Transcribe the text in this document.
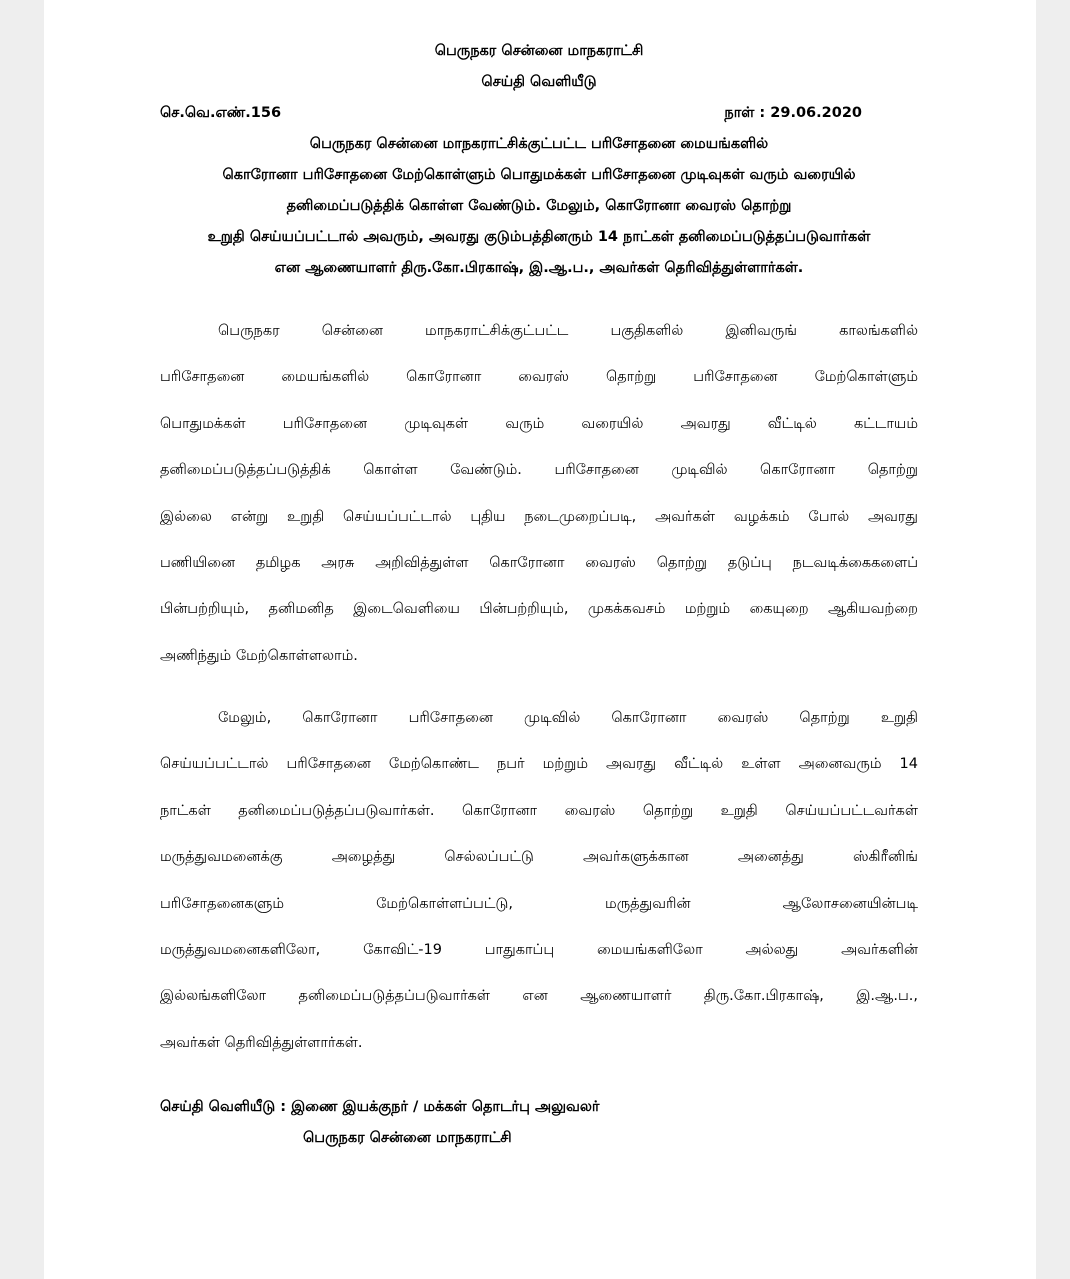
பெருநகர சென்னை மாநகராட்சி
செய்தி வெளியீடு
செ.வெ.எண்.156	நாள் : 29.06.2020
பெருநகர சென்னை மாநகராட்சிக்குட்பட்ட பரிசோதனை மையங்களில்
கொரோனா பரிசோதனை மேற்கொள்ளும் பொதுமக்கள் பரிசோதனை முடிவுகள் வரும் வரையில்
தனிமைப்படுத்திக் கொள்ள வேண்டும். மேலும், கொரோனா வைரஸ் தொற்று
உறுதி செய்யப்பட்டால் அவரும், அவரது குடும்பத்தினரும் 14 நாட்கள் தனிமைப்படுத்தப்படுவார்கள்
என ஆணையாளர் திரு.கோ.பிரகாஷ், இ.ஆ.ப., அவர்கள் தெரிவித்துள்ளார்கள்.
பெருநகர சென்னை மாநகராட்சிக்குட்பட்ட பகுதிகளில் இனிவருங் காலங்களில்
பரிசோதனை மையங்களில் கொரோனா வைரஸ் தொற்று பரிசோதனை மேற்கொள்ளும்
பொதுமக்கள் பரிசோதனை முடிவுகள் வரும் வரையில் அவரது வீட்டில் கட்டாயம்
தனிமைப்படுத்தப்படுத்திக் கொள்ள வேண்டும். பரிசோதனை முடிவில் கொரோனா தொற்று
இல்லை என்று உறுதி செய்யப்பட்டால் புதிய நடைமுறைப்படி, அவர்கள் வழக்கம் போல் அவரது
பணியினை தமிழக அரசு அறிவித்துள்ள கொரோனா வைரஸ் தொற்று தடுப்பு நடவடிக்கைகளைப்
பின்பற்றியும், தனிமனித இடைவெளியை பின்பற்றியும், முகக்கவசம் மற்றும் கையுறை ஆகியவற்றை
அணிந்தும் மேற்கொள்ளலாம்.
மேலும், கொரோனா பரிசோதனை முடிவில் கொரோனா வைரஸ் தொற்று உறுதி
செய்யப்பட்டால் பரிசோதனை மேற்கொண்ட நபர் மற்றும் அவரது வீட்டில் உள்ள அனைவரும் 14
நாட்கள் தனிமைப்படுத்தப்படுவார்கள். கொரோனா வைரஸ் தொற்று உறுதி செய்யப்பட்டவர்கள்
மருத்துவமனைக்கு அழைத்து செல்லப்பட்டு அவர்களுக்கான அனைத்து ஸ்கிரீனிங்
பரிசோதனைகளும் மேற்கொள்ளப்பட்டு, மருத்துவரின் ஆலோசனையின்படி
மருத்துவமனைகளிலோ, கோவிட்-19 பாதுகாப்பு மையங்களிலோ அல்லது அவர்களின்
இல்லங்களிலோ தனிமைப்படுத்தப்படுவார்கள் என ஆணையாளர் திரு.கோ.பிரகாஷ், இ.ஆ.ப.,
அவர்கள் தெரிவித்துள்ளார்கள்.
செய்தி வெளியீடு : இணை இயக்குநர் / மக்கள் தொடர்பு அலுவலர்
பெருநகர சென்னை மாநகராட்சி
